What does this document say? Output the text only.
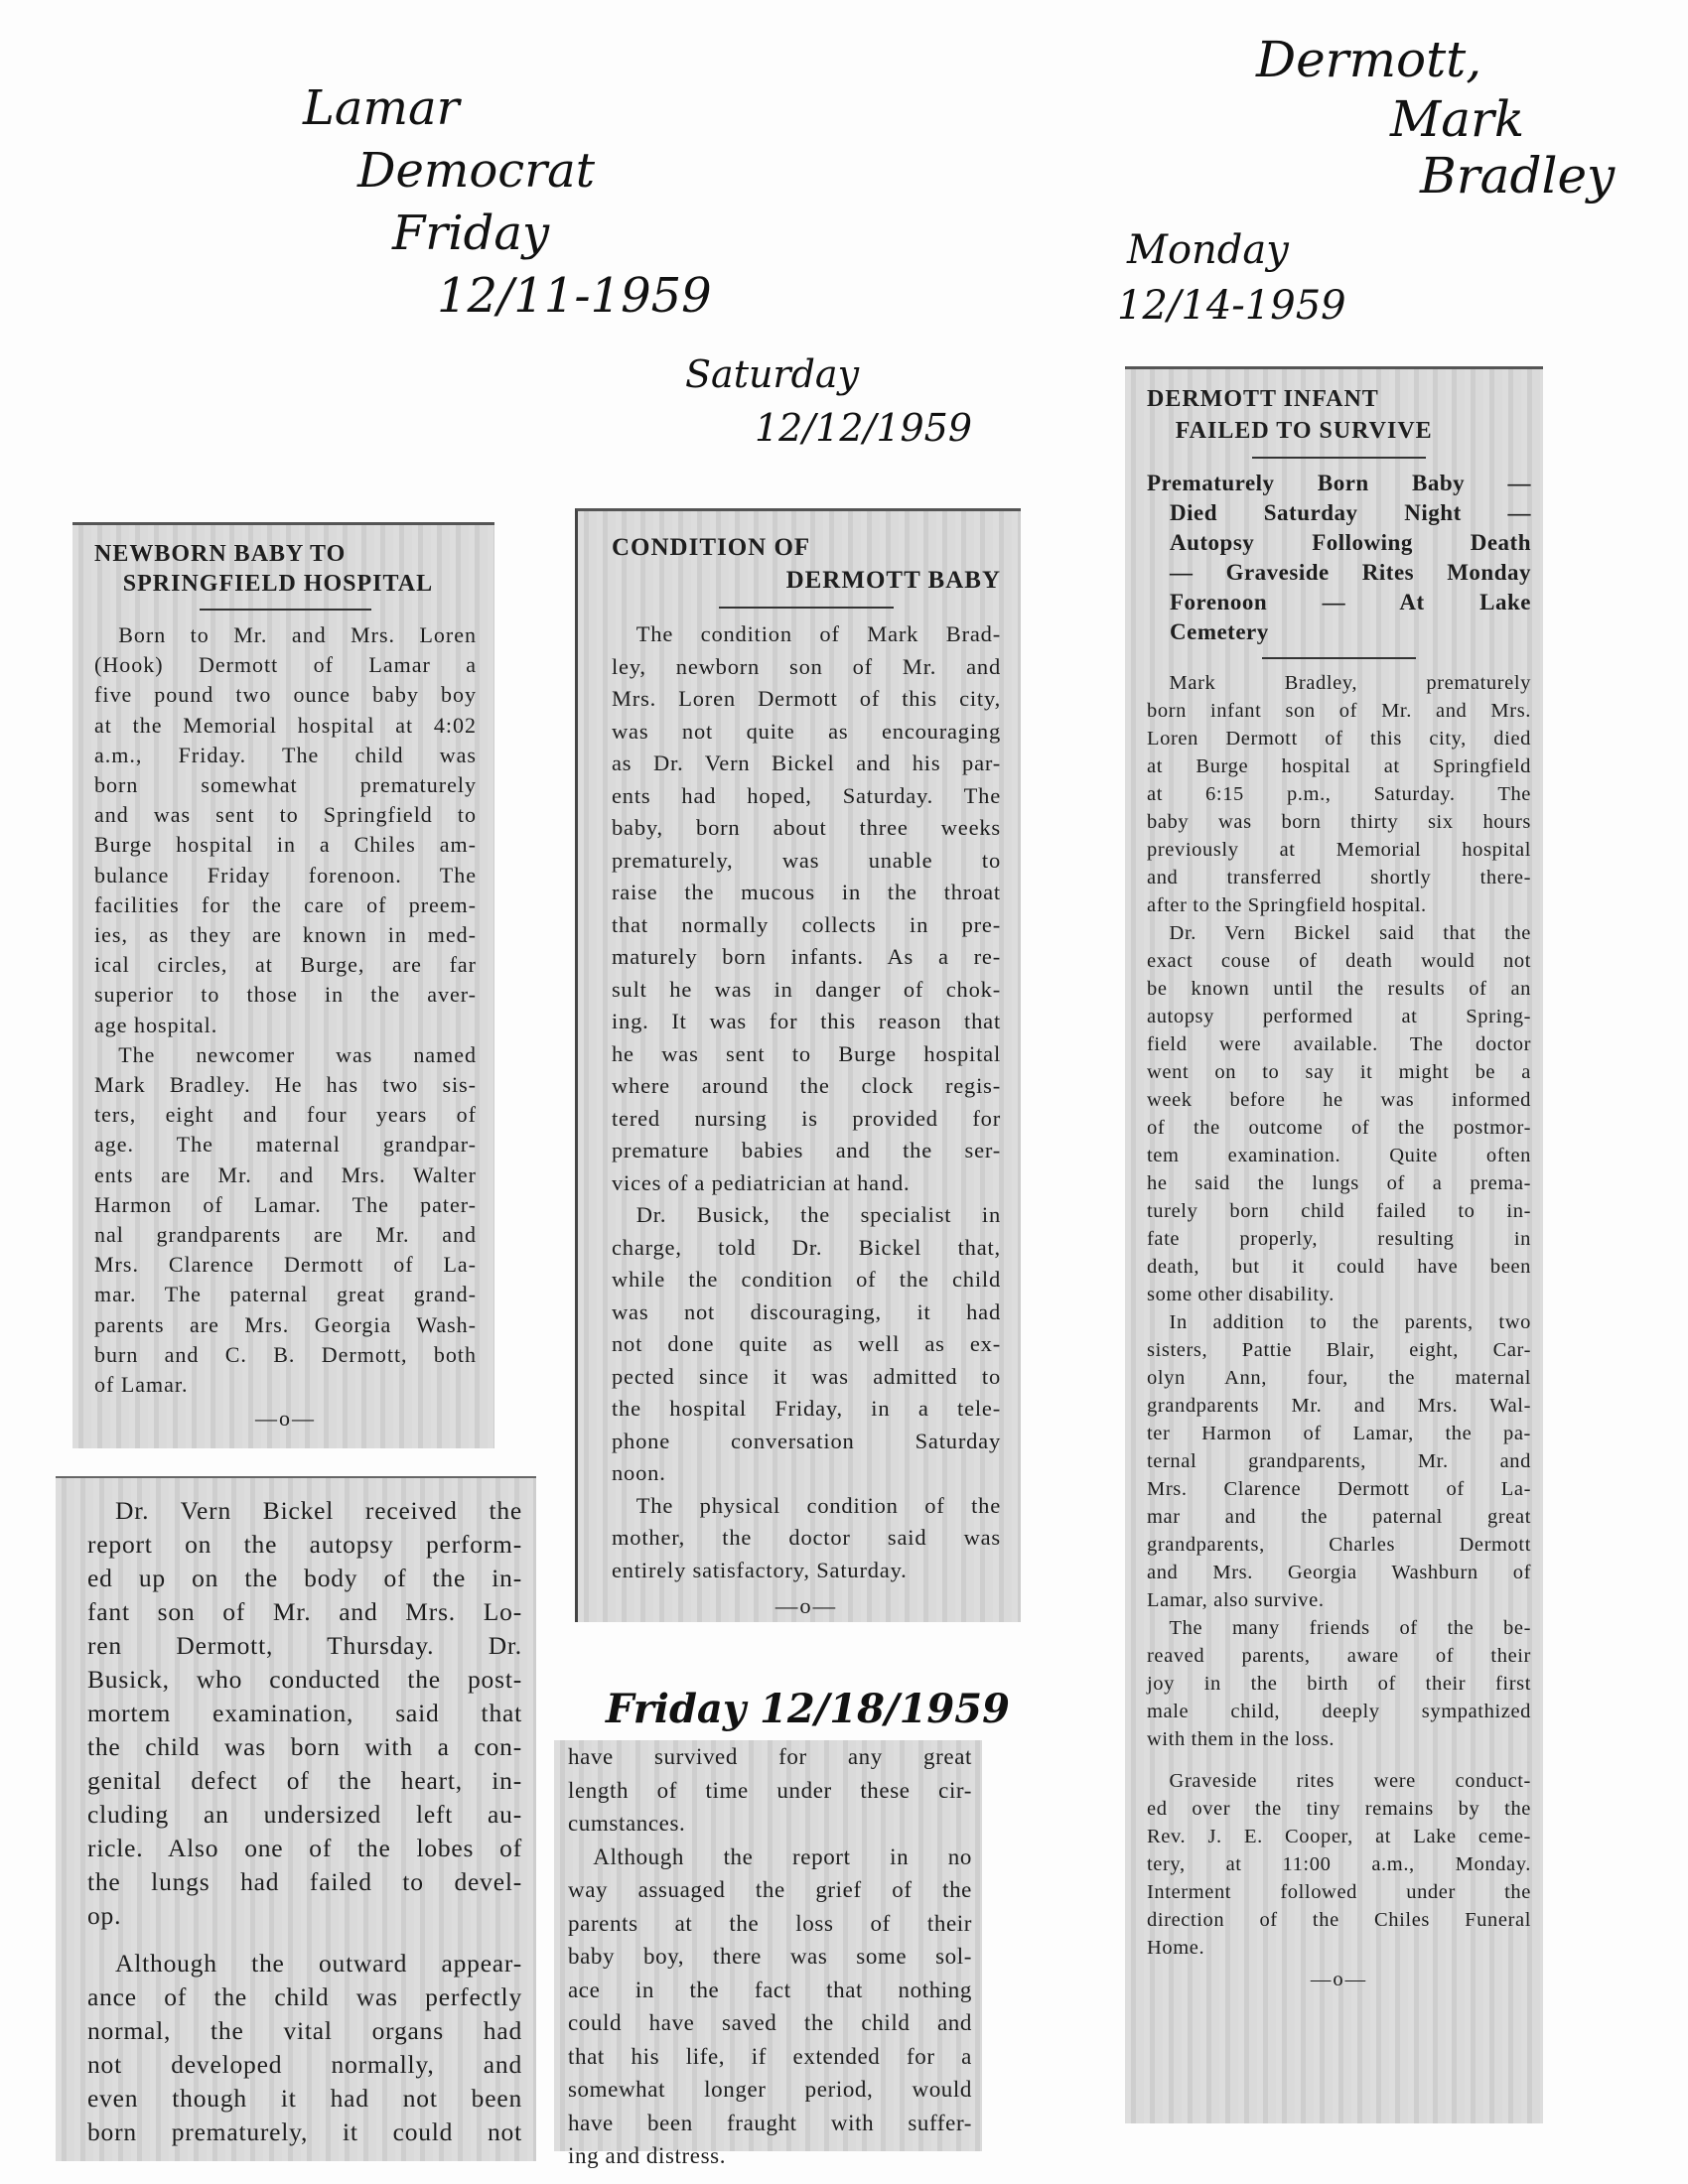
Lamar
Democrat
Friday
12/11-1959
Dermott,
Mark
Bradley
Monday
12/14-1959
Saturday
12/12/1959
Friday 12/18/1959
NEWBORN BABY TO
SPRINGFIELD HOSPITAL
Born to Mr. and Mrs. Loren
(Hook) Dermott of Lamar a
five pound two ounce baby boy
at the Memorial hospital at 4:02
a.m., Friday. The child was
born somewhat prematurely
and was sent to Springfield to
Burge hospital in a Chiles am-
bulance Friday forenoon. The
facilities for the care of preem-
ies, as they are known in med-
ical circles, at Burge, are far
superior to those in the aver-
age hospital.
The newcomer was named
Mark Bradley. He has two sis-
ters, eight and four years of
age. The maternal grandpar-
ents are Mr. and Mrs. Walter
Harmon of Lamar. The pater-
nal grandparents are Mr. and
Mrs. Clarence Dermott of La-
mar. The paternal great grand-
parents are Mrs. Georgia Wash-
burn and C. B. Dermott, both
of Lamar.
—o—
CONDITION OF
DERMOTT BABY
The condition of Mark Brad-
ley, newborn son of Mr. and
Mrs. Loren Dermott of this city,
was not quite as encouraging
as Dr. Vern Bickel and his par-
ents had hoped, Saturday. The
baby, born about three weeks
prematurely, was unable to
raise the mucous in the throat
that normally collects in pre-
maturely born infants. As a re-
sult he was in danger of chok-
ing. It was for this reason that
he was sent to Burge hospital
where around the clock regis-
tered nursing is provided for
premature babies and the ser-
vices of a pediatrician at hand.
Dr. Busick, the specialist in
charge, told Dr. Bickel that,
while the condition of the child
was not discouraging, it had
not done quite as well as ex-
pected since it was admitted to
the hospital Friday, in a tele-
phone conversation Saturday
noon.
The physical condition of the
mother, the doctor said was
entirely satisfactory, Saturday.
—o—
DERMOTT INFANT
FAILED TO SURVIVE
Prematurely Born Baby —
Died Saturday Night —
Autopsy Following Death
— Graveside Rites Monday
Forenoon — At Lake
Cemetery
Mark Bradley, prematurely
born infant son of Mr. and Mrs.
Loren Dermott of this city, died
at Burge hospital at Springfield
at 6:15 p.m., Saturday. The
baby was born thirty six hours
previously at Memorial hospital
and transferred shortly there-
after to the Springfield hospital.
Dr. Vern Bickel said that the
exact couse of death would not
be known until the results of an
autopsy performed at Spring-
field were available. The doctor
went on to say it might be a
week before he was informed
of the outcome of the postmor-
tem examination. Quite often
he said the lungs of a prema-
turely born child failed to in-
fate properly, resulting in
death, but it could have been
some other disability.
In addition to the parents, two
sisters, Pattie Blair, eight, Car-
olyn Ann, four, the maternal
grandparents Mr. and Mrs. Wal-
ter Harmon of Lamar, the pa-
ternal grandparents, Mr. and
Mrs. Clarence Dermott of La-
mar and the paternal great
grandparents, Charles Dermott
and Mrs. Georgia Washburn of
Lamar, also survive.
The many friends of the be-
reaved parents, aware of their
joy in the birth of their first
male child, deeply sympathized
with them in the loss.
Graveside rites were conduct-
ed over the tiny remains by the
Rev. J. E. Cooper, at Lake ceme-
tery, at 11:00 a.m., Monday.
Interment followed under the
direction of the Chiles Funeral
Home.
—o—
Dr. Vern Bickel received the
report on the autopsy perform-
ed up on the body of the in-
fant son of Mr. and Mrs. Lo-
ren Dermott, Thursday. Dr.
Busick, who conducted the post-
mortem examination, said that
the child was born with a con-
genital defect of the heart, in-
cluding an undersized left au-
ricle. Also one of the lobes of
the lungs had failed to devel-
op.
Although the outward appear-
ance of the child was perfectly
normal, the vital organs had
not developed normally, and
even though it had not been
born prematurely, it could not
have survived for any great
length of time under these cir-
cumstances.
Although the report in no
way assuaged the grief of the
parents at the loss of their
baby boy, there was some sol-
ace in the fact that nothing
could have saved the child and
that his life, if extended for a
somewhat longer period, would
have been fraught with suffer-
ing and distress.
